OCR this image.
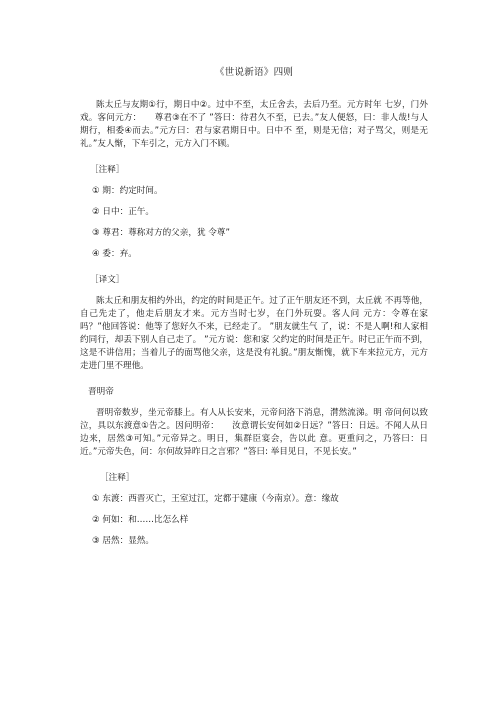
《世说新语》四则

陈太丘与友期①行，期日中②。过中不至，太丘舍去，去后乃至。元方时年 七岁，门外戏。客问元方：　　尊君③在不了 ”答曰：待君久不至，已去。”友人便怒，曰：非人哉!与人期行，相委④而去。”元方曰：君与家君期日中。日中不 至，则是无信；对子骂父，则是无礼。”友人惭，下车引之，元方入门不顾。

［注释］

① 期：约定时间。

② 日中：正午。

③ 尊君：尊称对方的父亲，犹 令尊”

④ 委：弃。

［译文］

陈太丘和朋友相约外出，约定的时间是正午。过了正午朋友还不到，太丘就 不再等他，自己先走了，他走后朋友才来。元方当时七岁，在门外玩耍。客人问 元方：令尊在家吗？”他回答说：他等了您好久不来，已经走了。 ”朋友就生气 了，说：不是人啊!和人家相约同行，却丢下别人自己走了。 ”元方说：您和家 父约定的时间是正午。时已正午而不到，这是不讲信用；当着儿子的面骂他父亲，这是没有礼貌。”朋友惭愧，就下车来拉元方，元方走进门里不理他。

晋明帝

晋明帝数岁，坐元帝膝上。有人从长安来，元帝问洛下消息，潸然流涕。明 帝问何以致泣，具以东渡意①告之。因问明帝：　　汝意谓长安何如②日远？”答曰：日远。不闻人从日边来，居然③可知。”元帝异之。明日，集群臣宴会，告以此 意。更重问之，乃答曰：日近。”元帝失色，问：尔何故异昨日之言邪？”答曰: 举目见日，不见长安。”

［注释］

① 东渡：西晋灭亡，王室过江，定都于建康（今南京）。意：缘故

② 何如：和……比怎么样

③ 居然：显然。
